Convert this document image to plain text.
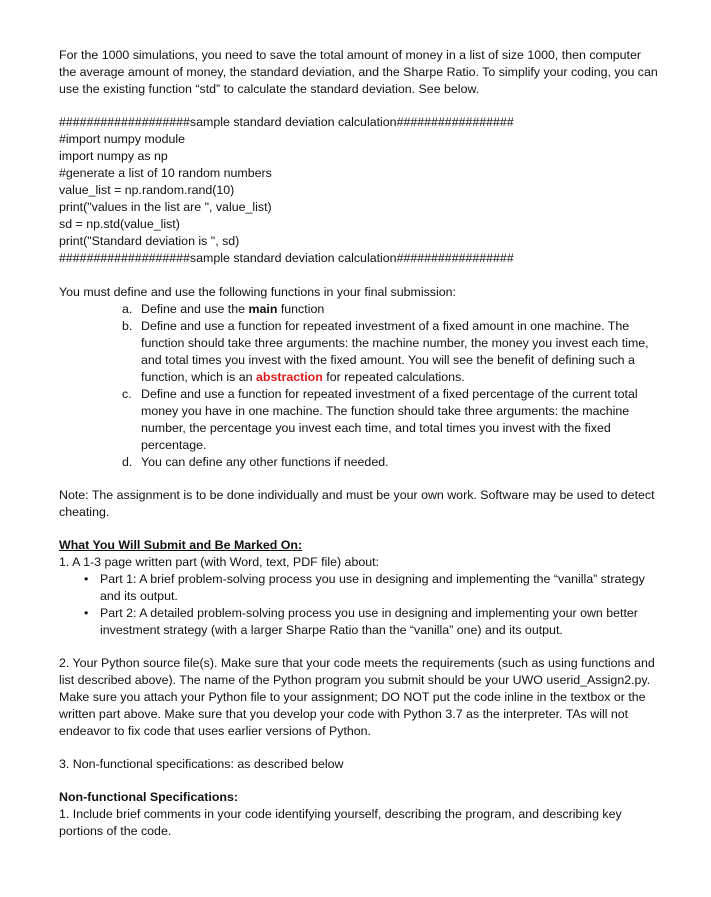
For the 1000 simulations, you need to save the total amount of money in a list of size 1000, then computer the average amount of money, the standard deviation, and the Sharpe Ratio. To simplify your coding, you can use the existing function “std” to calculate the standard deviation. See below.

###################sample standard deviation calculation#################
#import numpy module
import numpy as np
#generate a list of 10 random numbers
value_list = np.random.rand(10)
print("values in the list are ", value_list)
sd = np.std(value_list)
print("Standard deviation is ", sd)
###################sample standard deviation calculation#################

You must define and use the following functions in your final submission:

a. Define and use the main function
b. Define and use a function for repeated investment of a fixed amount in one machine. The function should take three arguments: the machine number, the money you invest each time, and total times you invest with the fixed amount. You will see the benefit of defining such a function, which is an abstraction for repeated calculations.
c. Define and use a function for repeated investment of a fixed percentage of the current total money you have in one machine. The function should take three arguments: the machine number, the percentage you invest each time, and total times you invest with the fixed percentage.
d. You can define any other functions if needed.

Note: The assignment is to be done individually and must be your own work. Software may be used to detect cheating.

What You Will Submit and Be Marked On:

1. A 1-3 page written part (with Word, text, PDF file) about:

• Part 1: A brief problem-solving process you use in designing and implementing the “vanilla” strategy and its output.
• Part 2: A detailed problem-solving process you use in designing and implementing your own better investment strategy (with a larger Sharpe Ratio than the “vanilla” one) and its output.

2. Your Python source file(s). Make sure that your code meets the requirements (such as using functions and list described above). The name of the Python program you submit should be your UWO userid_Assign2.py. Make sure you attach your Python file to your assignment; DO NOT put the code inline in the textbox or the written part above. Make sure that you develop your code with Python 3.7 as the interpreter. TAs will not endeavor to fix code that uses earlier versions of Python.

3. Non-functional specifications: as described below

Non-functional Specifications:

1. Include brief comments in your code identifying yourself, describing the program, and describing key portions of the code.
